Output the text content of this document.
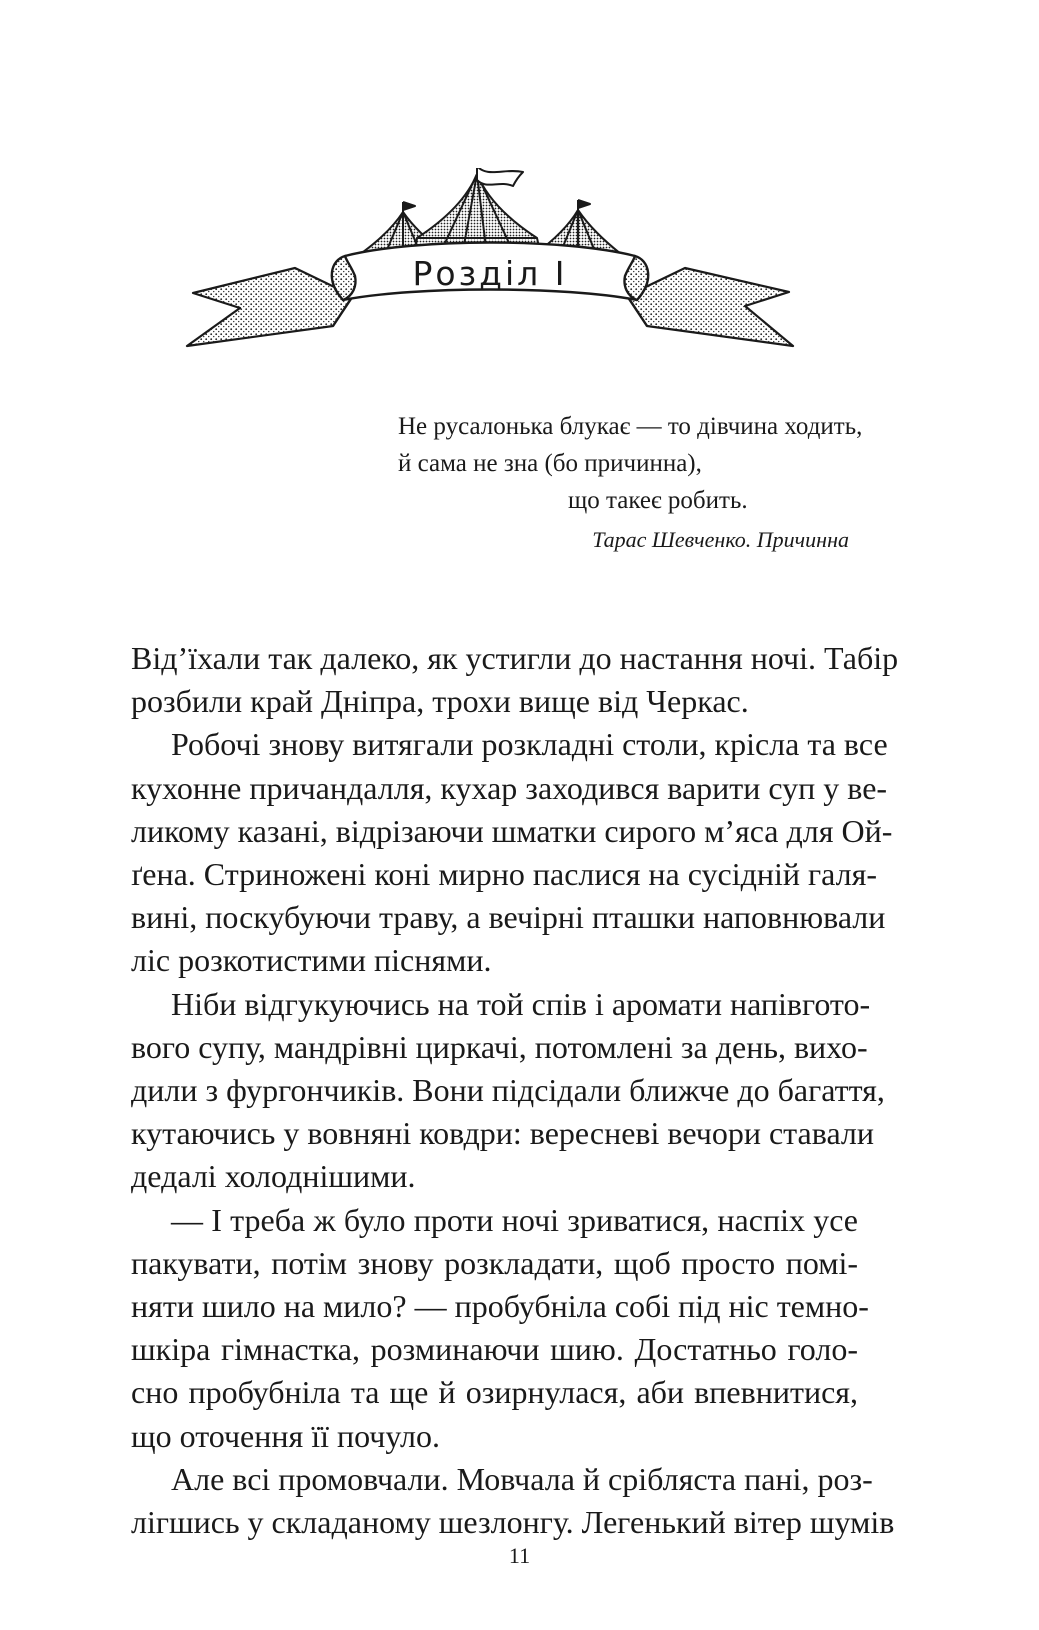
Розділ І
Не русалонька блукає — то дівчина ходить,
й сама не зна (бо причинна),
що такеє робить.
Тарас Шевченко. Причинна

Від’їхали так далеко, як устигли до настання ночі. Табір
розбили край Дніпра, трохи вище від Черкас.

Робочі знову витягали розкладні столи, крісла та все
кухонне причандалля, кухар заходився варити суп у ве-
ликому казані, відрізаючи шматки сирого м’яса для Ой-
ґена. Стриножені коні мирно паслися на сусідній галя-
вині, поскубуючи траву, а вечірні пташки наповнювали
ліс розкотистими піснями.

Ніби відгукуючись на той спів і аромати напівгото-
вого супу, мандрівні циркачі, потомлені за день, вихо-
дили з фургончиків. Вони підсідали ближче до багаття,
кутаючись у вовняні ковдри: вересневі вечори ставали
дедалі холоднішими.

— І треба ж було проти ночі зриватися, наспіх усе
пакувати, потім знову розкладати, щоб просто помі-
няти шило на мило? — пробубніла собі під ніс темно-
шкіра гімнастка, розминаючи шию. Достатньо голо-
сно пробубніла та ще й озирнулася, аби впевнитися,
що оточення її почуло.

Але всі промовчали. Мовчала й срібляста пані, роз-
лігшись у складаному шезлонгу. Легенький вітер шумів

11
